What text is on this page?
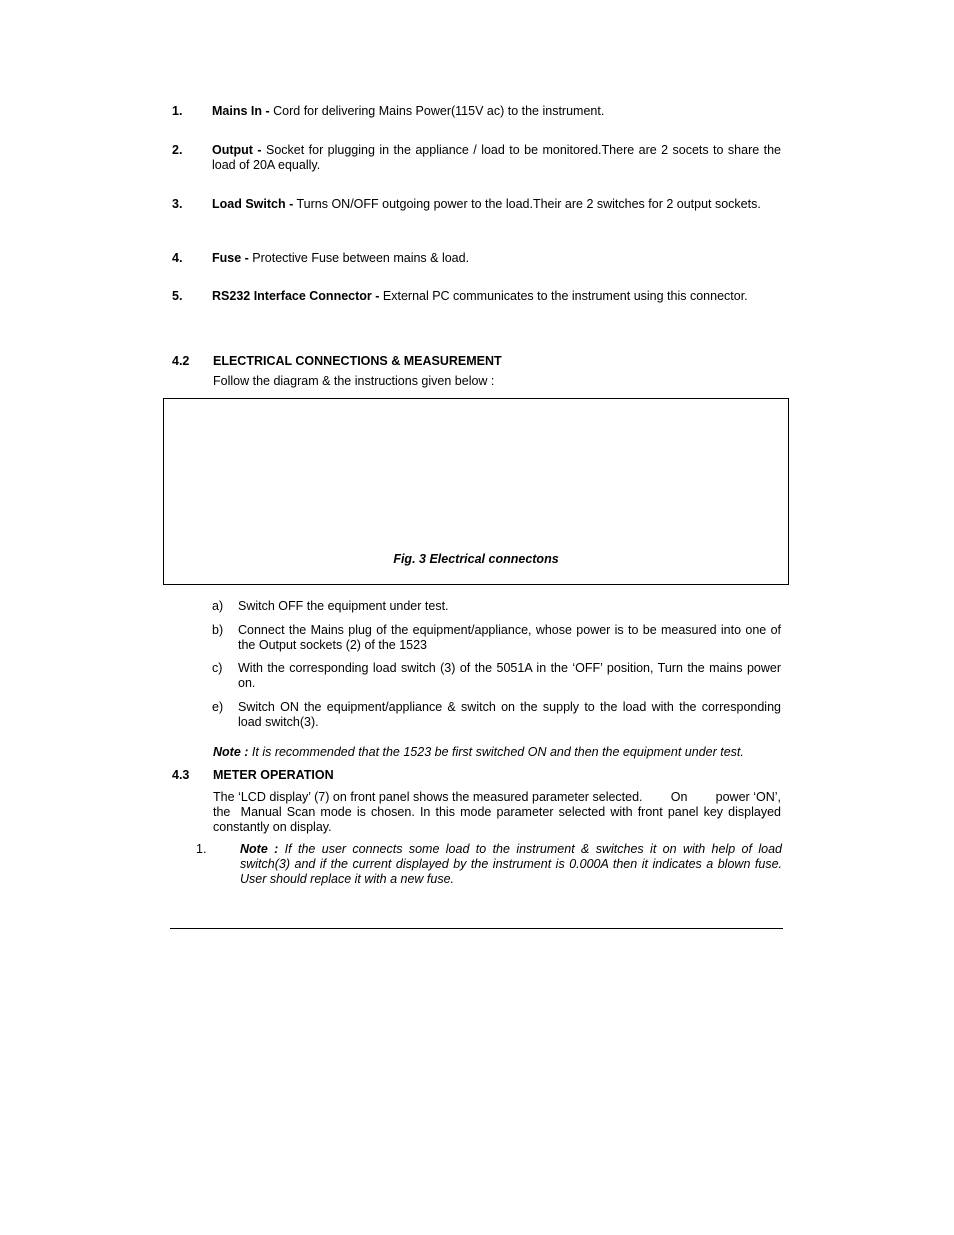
1. Mains In - Cord for delivering Mains Power(115V ac) to the instrument.
2. Output - Socket for plugging in the appliance / load to be monitored.There are 2 socets to share the load of 20A equally.
3. Load Switch - Turns ON/OFF outgoing power to the load.Their are 2 switches for 2 output sockets.
4. Fuse - Protective Fuse between mains & load.
5. RS232 Interface Connector - External PC communicates to the instrument using this connector.
4.2 ELECTRICAL CONNECTIONS & MEASUREMENT
Follow the diagram & the instructions given below :
Fig. 3 Electrical connectons
a) Switch OFF the equipment under test.
b) Connect the Mains plug of the equipment/appliance, whose power is to be measured into one of the Output sockets (2) of the 1523
c) With the corresponding load switch (3) of the 5051A in the ‘OFF’ position, Turn the mains power on.
e) Switch ON the equipment/appliance & switch on the supply to the load with the corresponding load switch(3).
Note : It is recommended that the 1523 be first switched ON and then the equipment under test.
4.3 METER OPERATION
The ‘LCD display’ (7) on front panel shows the measured parameter selected.        On        power ‘ON’, the  Manual Scan mode is chosen. In this mode parameter selected with front panel key displayed constantly on display.
1.	Note : If the user connects some load to the instrument & switches it on with help of load switch(3) and if the current displayed by the instrument is 0.000A then it indicates a blown fuse. User should replace it with a new fuse.
